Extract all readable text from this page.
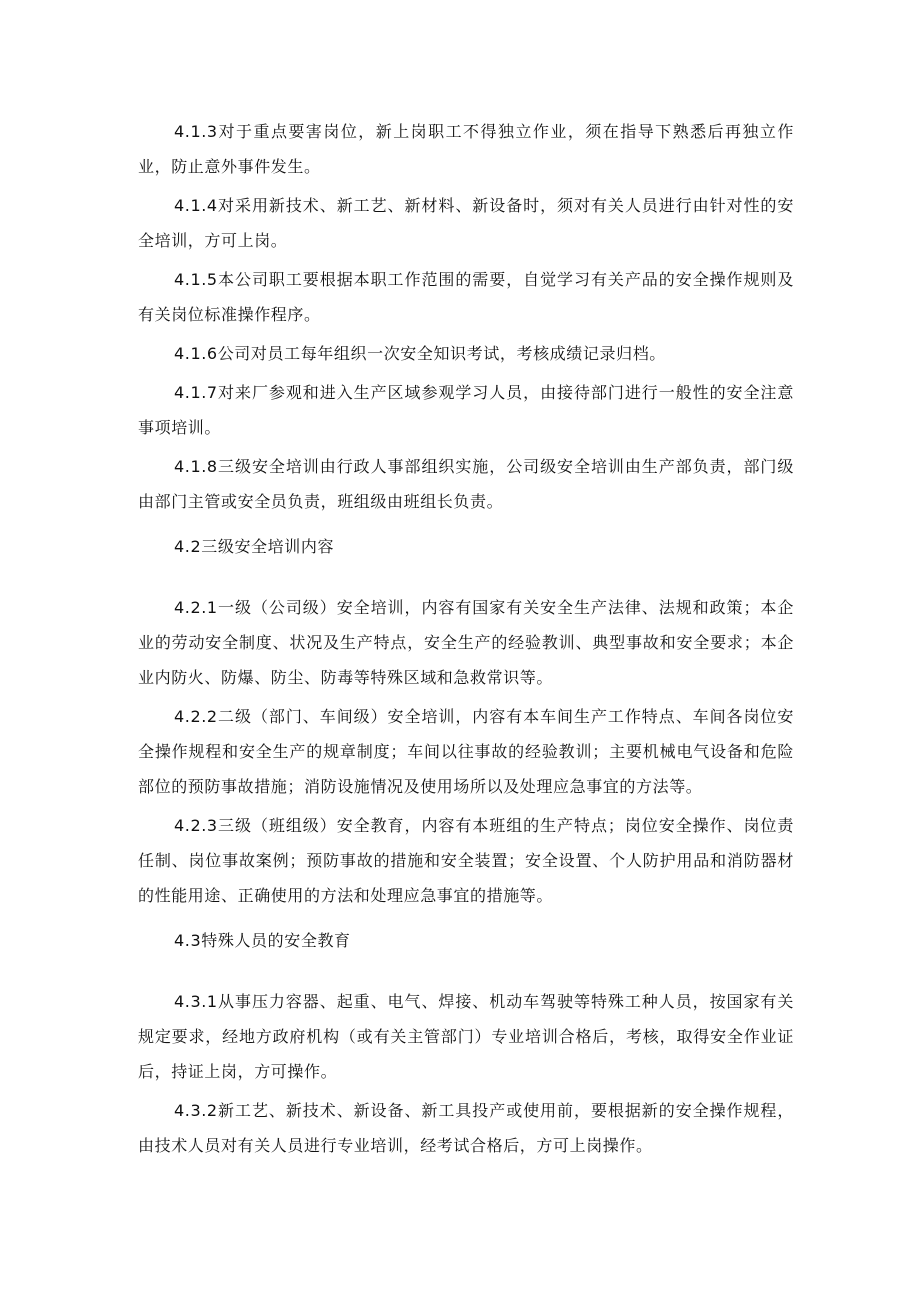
4.1.3对于重点要害岗位，新上岗职工不得独立作业，须在指导下熟悉后再独立作业，防止意外事件发生。

4.1.4对采用新技术、新工艺、新材料、新设备时，须对有关人员进行由针对性的安全培训，方可上岗。

4.1.5本公司职工要根据本职工作范围的需要，自觉学习有关产品的安全操作规则及有关岗位标准操作程序。

4.1.6公司对员工每年组织一次安全知识考试，考核成绩记录归档。

4.1.7对来厂参观和进入生产区域参观学习人员，由接待部门进行一般性的安全注意事项培训。

4.1.8三级安全培训由行政人事部组织实施，公司级安全培训由生产部负责，部门级由部门主管或安全员负责，班组级由班组长负责。

4.2三级安全培训内容

4.2.1一级（公司级）安全培训，内容有国家有关安全生产法律、法规和政策；本企业的劳动安全制度、状况及生产特点，安全生产的经验教训、典型事故和安全要求；本企业内防火、防爆、防尘、防毒等特殊区域和急救常识等。

4.2.2二级（部门、车间级）安全培训，内容有本车间生产工作特点、车间各岗位安全操作规程和安全生产的规章制度；车间以往事故的经验教训；主要机械电气设备和危险部位的预防事故措施；消防设施情况及使用场所以及处理应急事宜的方法等。

4.2.3三级（班组级）安全教育，内容有本班组的生产特点；岗位安全操作、岗位责任制、岗位事故案例；预防事故的措施和安全装置；安全设置、个人防护用品和消防器材的性能用途、正确使用的方法和处理应急事宜的措施等。

4.3特殊人员的安全教育

4.3.1从事压力容器、起重、电气、焊接、机动车驾驶等特殊工种人员，按国家有关规定要求，经地方政府机构（或有关主管部门）专业培训合格后，考核，取得安全作业证后，持证上岗，方可操作。

4.3.2新工艺、新技术、新设备、新工具投产或使用前，要根据新的安全操作规程，由技术人员对有关人员进行专业培训，经考试合格后，方可上岗操作。
